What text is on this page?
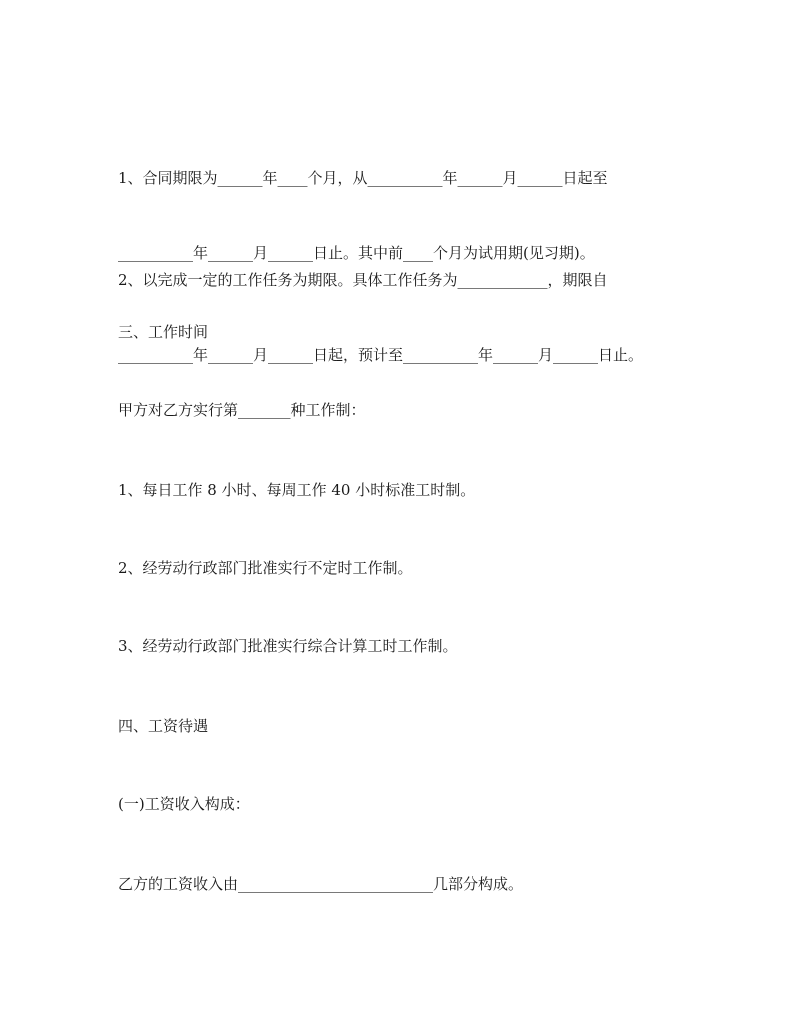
1、合同期限为______年____个月，从__________年______月______日起至

__________年______月______日止。其中前____个月为试用期(见习期)。

2、以完成一定的工作任务为期限。具体工作任务为____________，期限自

__________年______月______日起，预计至__________年______月______日止。

三、工作时间
甲方对乙方实行第_______种工作制：
1、每日工作 8 小时、每周工作 40 小时标准工时制。
2、经劳动行政部门批准实行不定时工作制。
3、经劳动行政部门批准实行综合计算工时工作制。
四、工资待遇
(一)工资收入构成：
乙方的工资收入由__________________________几部分构成。
